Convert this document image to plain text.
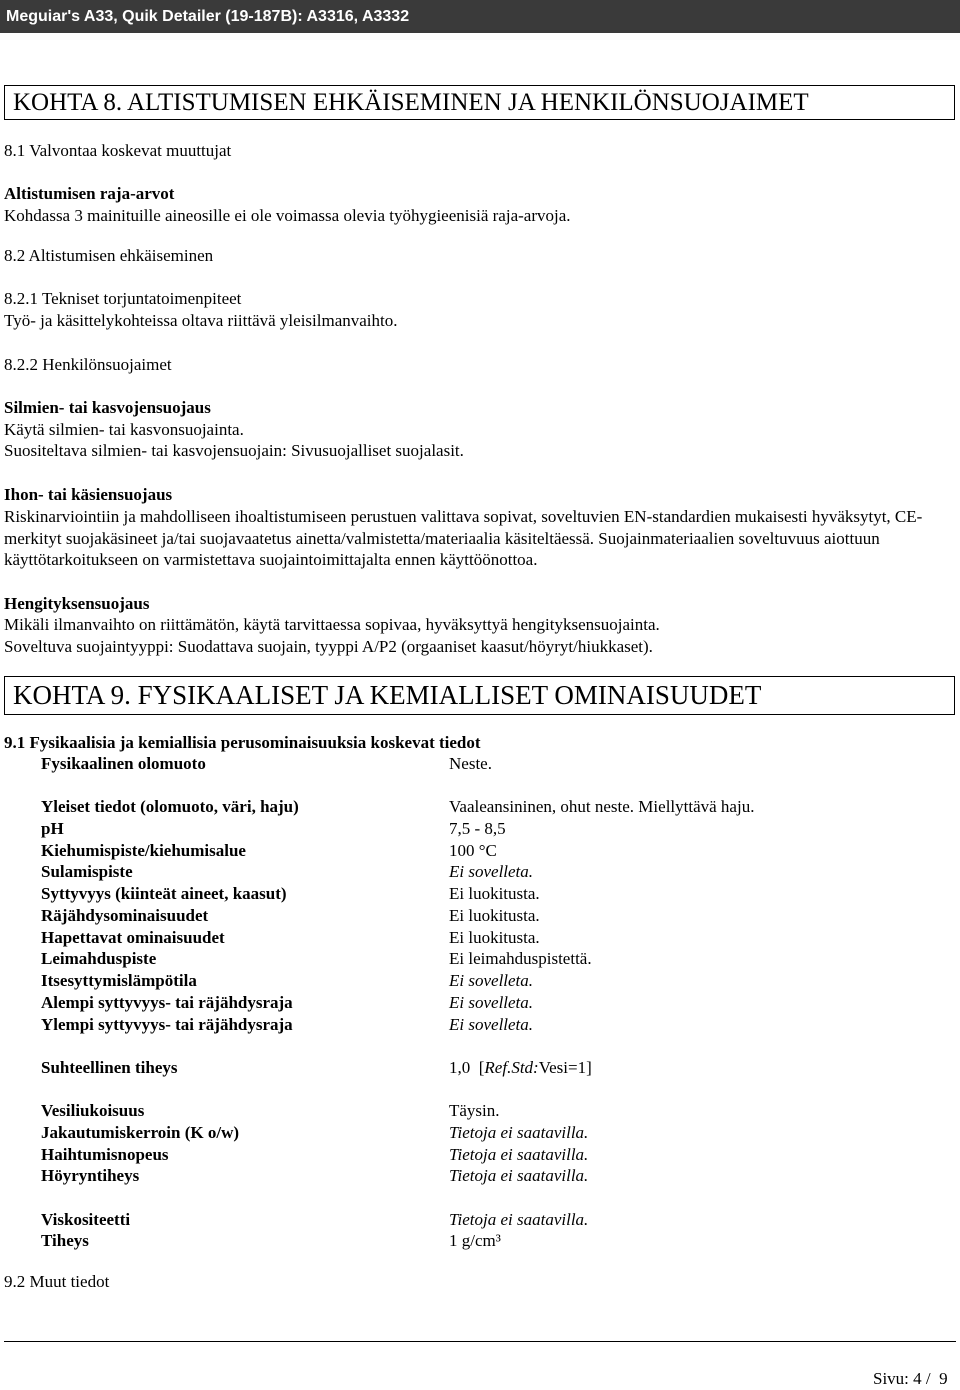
Meguiar's A33, Quik Detailer (19-187B): A3316, A3332
KOHTA 8. ALTISTUMISEN EHKÄISEMINEN JA HENKILÖNSUOJAIMET
8.1 Valvontaa koskevat muuttujat
Altistumisen raja-arvot
Kohdassa 3 mainituille aineosille ei ole voimassa olevia työhygieenisiä raja-arvoja.
8.2 Altistumisen ehkäiseminen
8.2.1 Tekniset torjuntatoimenpiteet
Työ- ja käsittelykohteissa oltava riittävä yleisilmanvaihto.
8.2.2 Henkilönsuojaimet
Silmien- tai kasvojensuojaus
Käytä silmien- tai kasvonsuojainta.
Suositeltava silmien- tai kasvojensuojain: Sivusuojalliset suojalasit.
Ihon- tai käsiensuojaus
Riskinarviointiin ja mahdolliseen ihoaltistumiseen perustuen valittava sopivat, soveltuvien EN-standardien mukaisesti hyväksytyt, CE-merkityt suojakäsineet ja/tai suojavaatetus ainetta/valmistetta/materiaalia käsiteltäessä. Suojainmateriaalien soveltuvuus aiottuun käyttötarkoitukseen on varmistettava suojaintoimittajalta ennen käyttöönottoa.
Hengityksensuojaus
Mikäli ilmanvaihto on riittämätön, käytä tarvittaessa sopivaa, hyväksyttyä hengityksensuojainta.
Soveltuva suojaintyyppi: Suodattava suojain, tyyppi A/P2 (orgaaniset kaasut/höyryt/hiukkaset).
KOHTA 9. FYSIKAALISET JA KEMIALLISET OMINAISUUDET
9.1 Fysikaalisia ja kemiallisia perusominaisuuksia koskevat tiedot
Fysikaalinen olomuoto	Neste.
Yleiset tiedot (olomuoto, väri, haju)	Vaaleansininen, ohut neste. Miellyttävä haju.
pH	7,5 - 8,5
Kiehumispiste/kiehumisalue	100 °C
Sulamispiste	Ei sovelleta.
Syttyvyys (kiinteät aineet, kaasut)	Ei luokitusta.
Räjähdysominaisuudet	Ei luokitusta.
Hapettavat ominaisuudet	Ei luokitusta.
Leimahduspiste	Ei leimahduspistettä.
Itsesyttymislämpötila	Ei sovelleta.
Alempi syttyvyys- tai räjähdysraja	Ei sovelleta.
Ylempi syttyvyys- tai räjähdysraja	Ei sovelleta.
Suhteellinen tiheys	1,0  [Ref.Std:Vesi=1]
Vesiliukoisuus	Täysin.
Jakautumiskerroin (K o/w)	Tietoja ei saatavilla.
Haihtumisnopeus	Tietoja ei saatavilla.
Höyryntiheys	Tietoja ei saatavilla.
Viskositeetti	Tietoja ei saatavilla.
Tiheys	1 g/cm³
9.2 Muut tiedot
Sivu: 4 /  9
